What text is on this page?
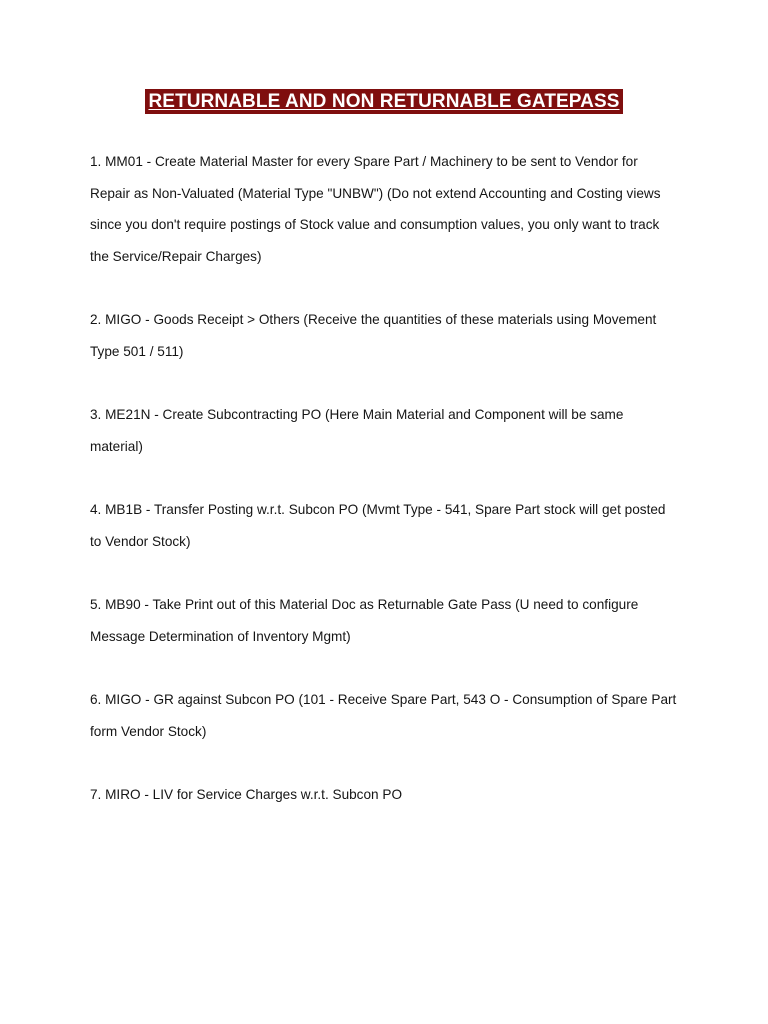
RETURNABLE AND NON RETURNABLE GATEPASS

1. MM01 - Create Material Master for every Spare Part / Machinery to be sent to Vendor for Repair as Non-Valuated (Material Type "UNBW") (Do not extend Accounting and Costing views since you don't require postings of Stock value and consumption values, you only want to track the Service/Repair Charges)

2. MIGO - Goods Receipt > Others (Receive the quantities of these materials using Movement Type 501 / 511)

3. ME21N - Create Subcontracting PO (Here Main Material and Component will be same material)

4. MB1B - Transfer Posting w.r.t. Subcon PO (Mvmt Type - 541, Spare Part stock will get posted to Vendor Stock)

5. MB90 - Take Print out of this Material Doc as Returnable Gate Pass (U need to configure Message Determination of Inventory Mgmt)

6. MIGO - GR against Subcon PO (101 - Receive Spare Part, 543 O - Consumption of Spare Part form Vendor Stock)

7. MIRO - LIV for Service Charges w.r.t. Subcon PO
